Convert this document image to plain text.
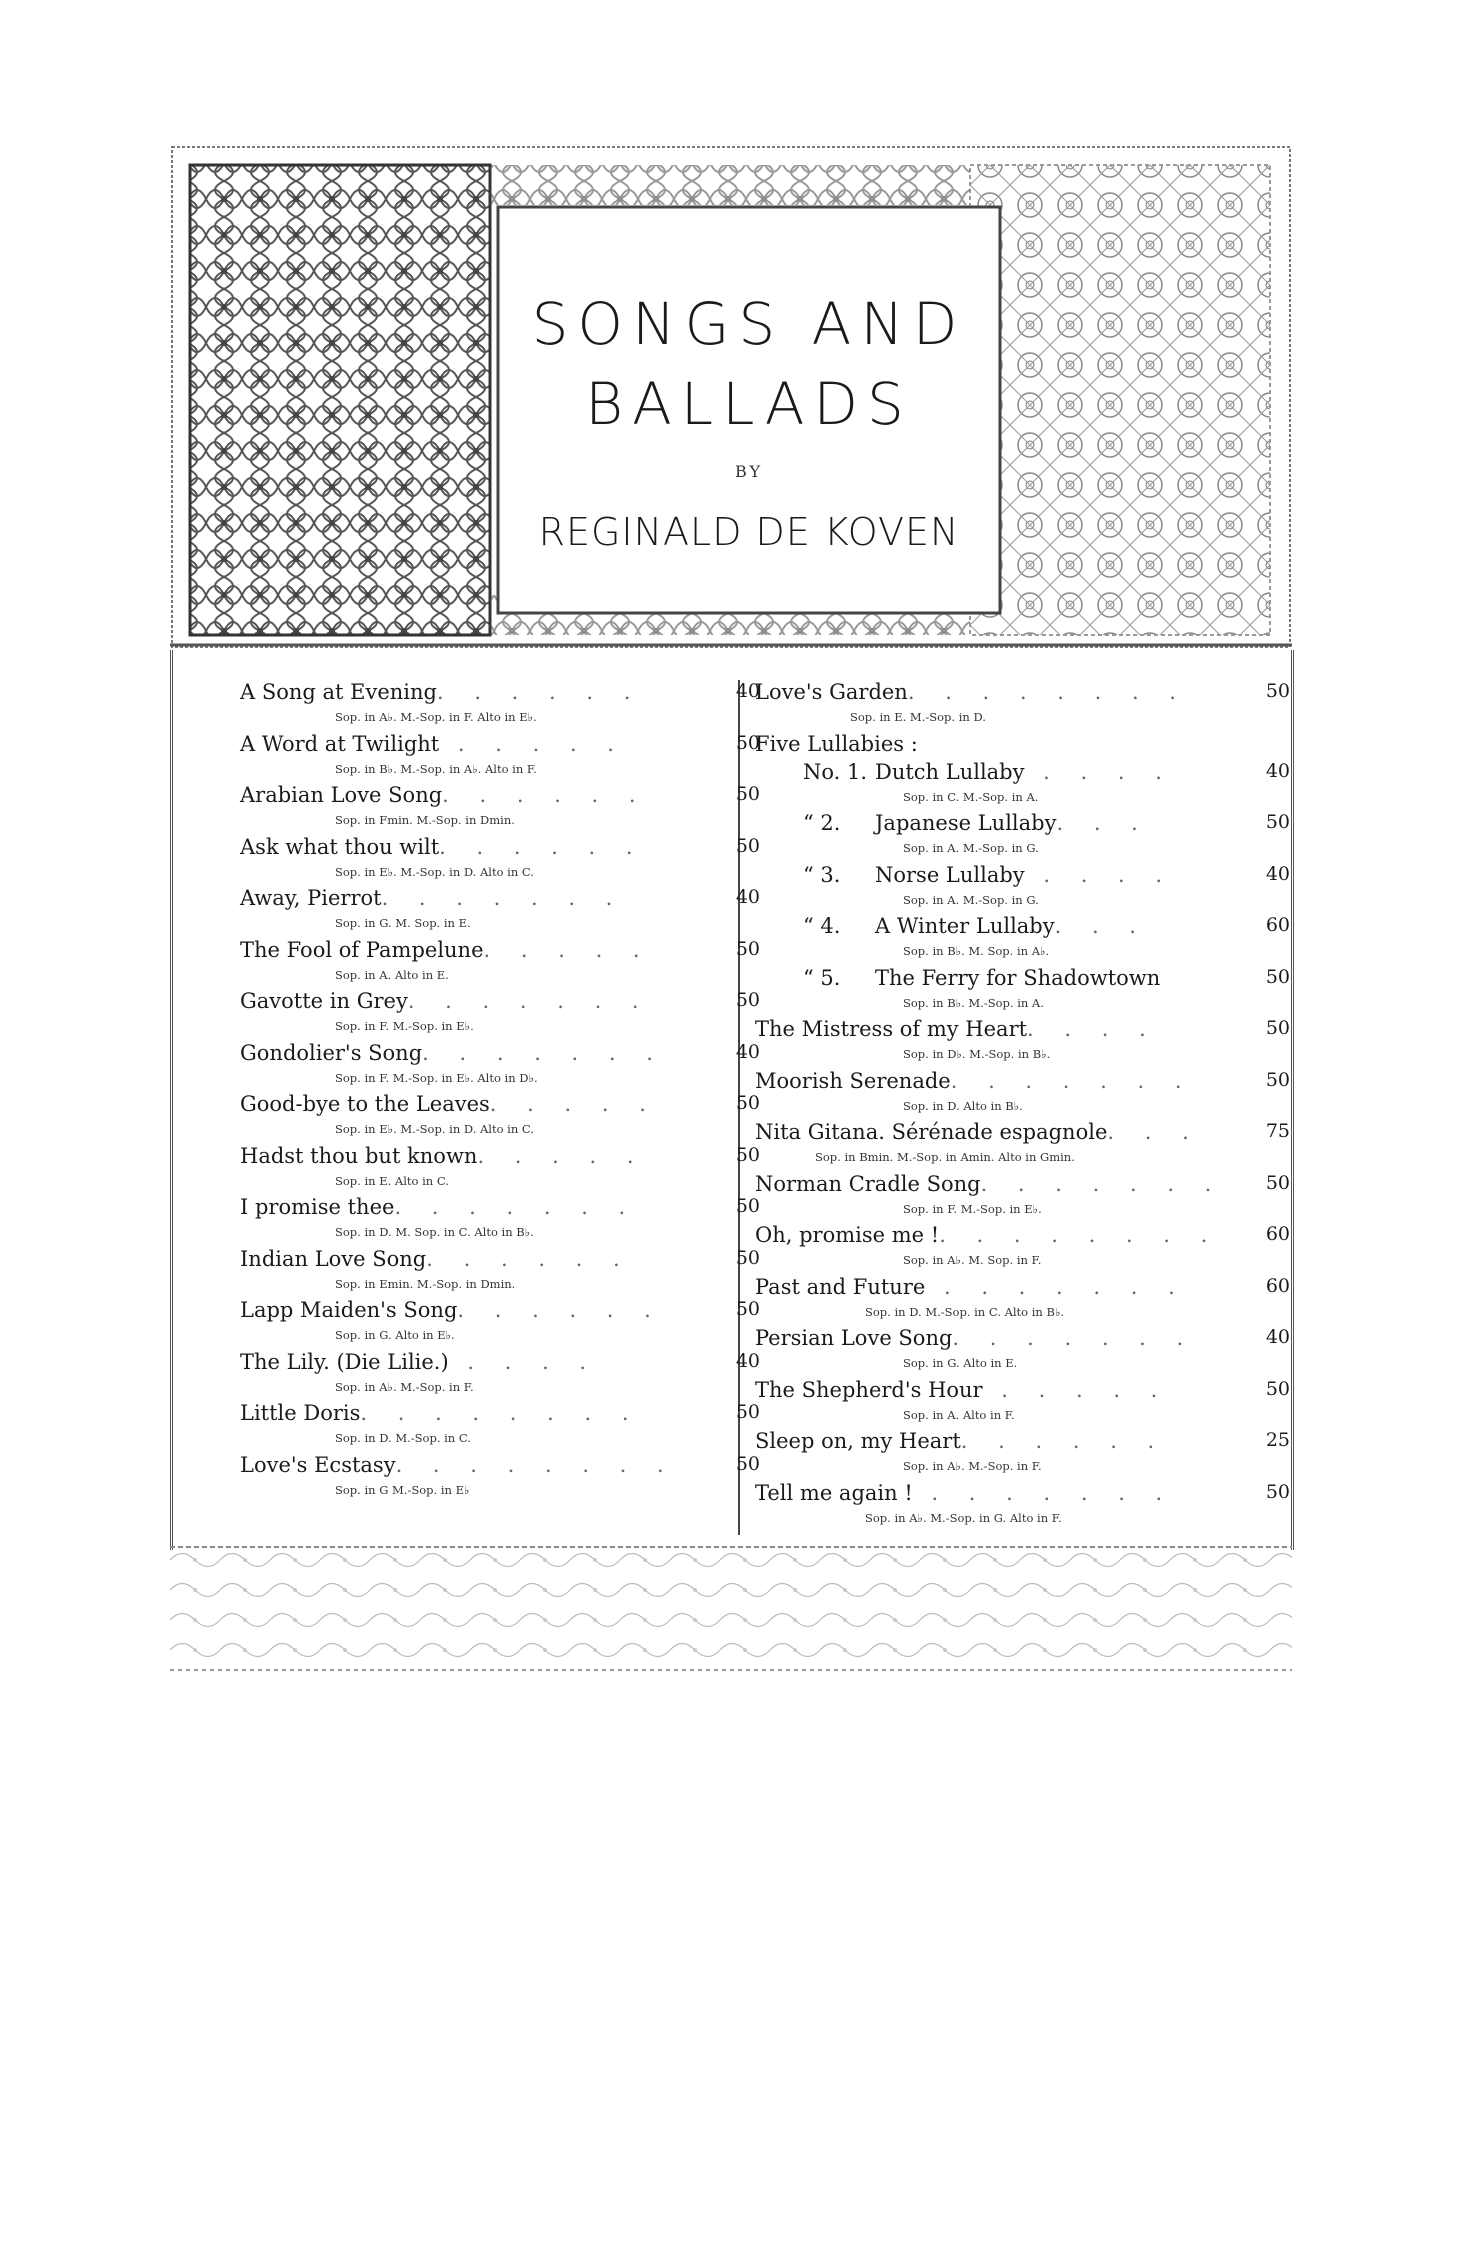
SONGS AND
BALLADS
BY
REGINALD DE KOVEN
A Song at Evening. . . . . .	40
Sop. in A♭. M.-Sop. in F. Alto in E♭.
A Word at Twilight . . . . .	50
Sop. in B♭. M.-Sop. in A♭. Alto in F.
Arabian Love Song. . . . . .	50
Sop. in Fmin. M.-Sop. in Dmin.
Ask what thou wilt. . . . . .	50
Sop. in E♭. M.-Sop. in D. Alto in C.
Away, Pierrot. . . . . . .	40
Sop. in G. M. Sop. in E.
The Fool of Pampelune. . . . .	50
Sop. in A. Alto in E.
Gavotte in Grey. . . . . . .	50
Sop. in F. M.-Sop. in E♭.
Gondolier's Song. . . . . . .	40
Sop. in F. M.-Sop. in E♭. Alto in D♭.
Good-bye to the Leaves. . . . .	50
Sop. in E♭. M.-Sop. in D. Alto in C.
Hadst thou but known. . . . .	50
Sop. in E. Alto in C.
I promise thee. . . . . . .	50
Sop. in D. M. Sop. in C. Alto in B♭.
Indian Love Song. . . . . .	50
Sop. in Emin. M.-Sop. in Dmin.
Lapp Maiden's Song. . . . . .	50
Sop. in G. Alto in E♭.
The Lily. (Die Lilie.) . . . .	40
Sop. in A♭. M.-Sop. in F.
Little Doris. . . . . . . .	50
Sop. in D. M.-Sop. in C.
Love's Ecstasy. . . . . . . .	50
Sop. in G M.-Sop. in E♭
Love's Garden. . . . . . . .	50
Sop. in E. M.-Sop. in D.
Five Lullabies :
No. 1. Dutch Lullaby . . . .	40
Sop. in C. M.-Sop. in A.
“ 2. Japanese Lullaby. . .	50
Sop. in A. M.-Sop. in G.
“ 3. Norse Lullaby . . . .	40
Sop. in A. M.-Sop. in G.
“ 4. A Winter Lullaby. . .	60
Sop. in B♭. M. Sop. in A♭.
“ 5. The Ferry for Shadowtown	50
Sop. in B♭. M.-Sop. in A.
The Mistress of my Heart. . . .	50
Sop. in D♭. M.-Sop. in B♭.
Moorish Serenade. . . . . . .	50
Sop. in D. Alto in B♭.
Nita Gitana. Sérénade espagnole. . .	75
Sop. in Bmin. M.-Sop. in Amin. Alto in Gmin.
Norman Cradle Song. . . . . . . 50
Sop. in F. M.-Sop. in E♭.
Oh, promise me !. . . . . . . . 60
Sop. in A♭. M. Sop. in F.
Past and Future . . . . . . .	60
Sop. in D. M.-Sop. in C. Alto in B♭.
Persian Love Song. . . . . . .	40
Sop. in G. Alto in E.
The Shepherd's Hour . . . . .	50
Sop. in A. Alto in F.
Sleep on, my Heart. . . . . .	25
Sop. in A♭. M.-Sop. in F.
Tell me again ! . . . . . . .	50
Sop. in A♭. M.-Sop. in G. Alto in F.
